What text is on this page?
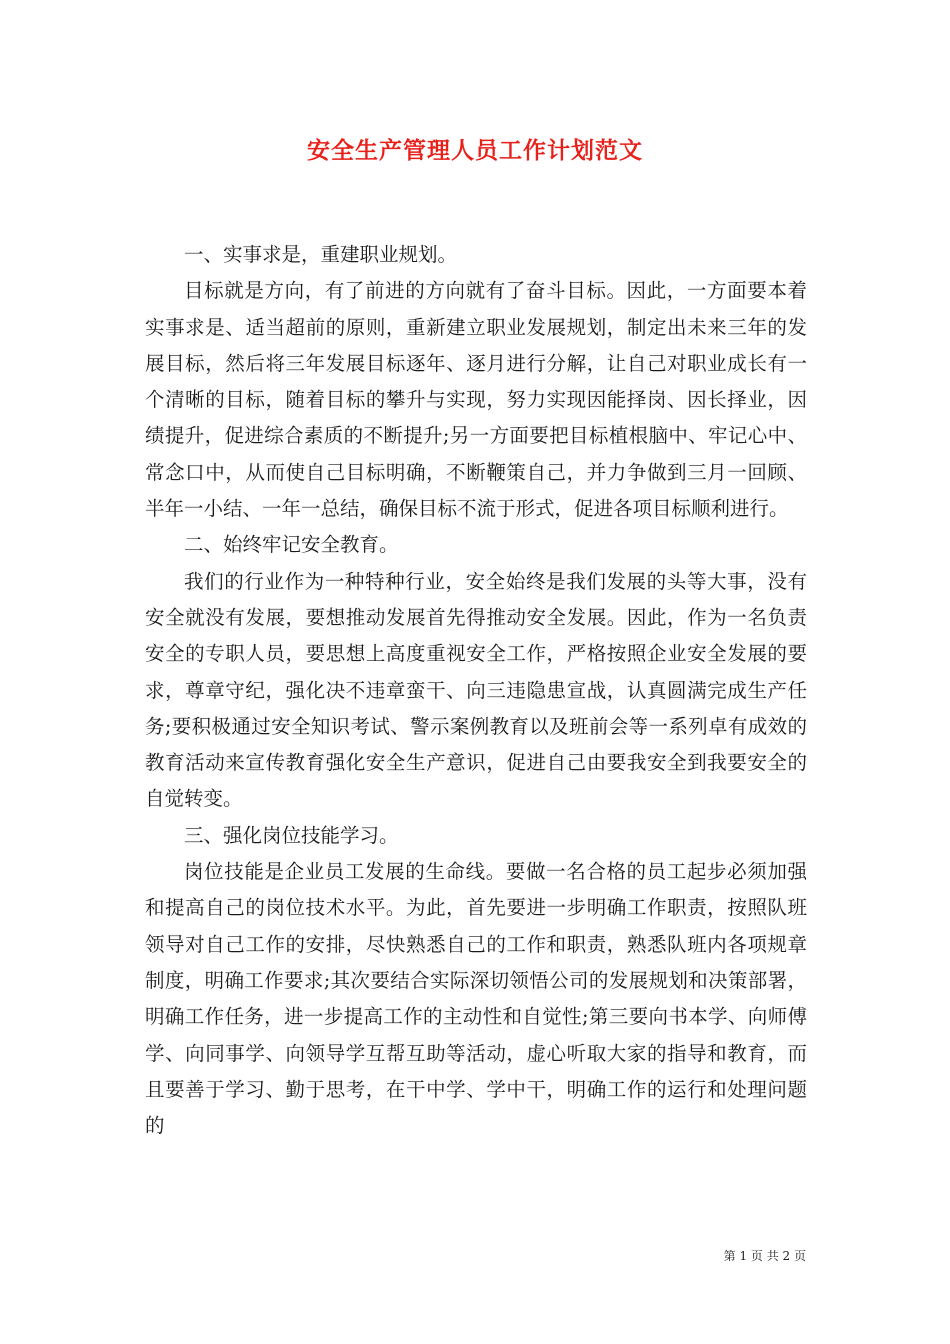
安全生产管理人员工作计划范文

一、实事求是，重建职业规划。

目标就是方向，有了前进的方向就有了奋斗目标。因此，一方面要本着实事求是、适当超前的原则，重新建立职业发展规划，制定出未来三年的发展目标，然后将三年发展目标逐年、逐月进行分解，让自己对职业成长有一个清晰的目标，随着目标的攀升与实现，努力实现因能择岗、因长择业，因绩提升，促进综合素质的不断提升;另一方面要把目标植根脑中、牢记心中、常念口中，从而使自己目标明确，不断鞭策自己，并力争做到三月一回顾、半年一小结、一年一总结，确保目标不流于形式，促进各项目标顺利进行。

二、始终牢记安全教育。

我们的行业作为一种特种行业，安全始终是我们发展的头等大事，没有安全就没有发展，要想推动发展首先得推动安全发展。因此，作为一名负责安全的专职人员，要思想上高度重视安全工作，严格按照企业安全发展的要求，尊章守纪，强化决不违章蛮干、向三违隐患宣战，认真圆满完成生产任务;要积极通过安全知识考试、警示案例教育以及班前会等一系列卓有成效的教育活动来宣传教育强化安全生产意识，促进自己由要我安全到我要安全的自觉转变。

三、强化岗位技能学习。

岗位技能是企业员工发展的生命线。要做一名合格的员工起步必须加强和提高自己的岗位技术水平。为此，首先要进一步明确工作职责，按照队班领导对自己工作的安排，尽快熟悉自己的工作和职责，熟悉队班内各项规章制度，明确工作要求;其次要结合实际深切领悟公司的发展规划和决策部署，明确工作任务，进一步提高工作的主动性和自觉性;第三要向书本学、向师傅学、向同事学、向领导学互帮互助等活动，虚心听取大家的指导和教育，而且要善于学习、勤于思考，在干中学、学中干，明确工作的运行和处理问题的

第 1 页 共 2 页
